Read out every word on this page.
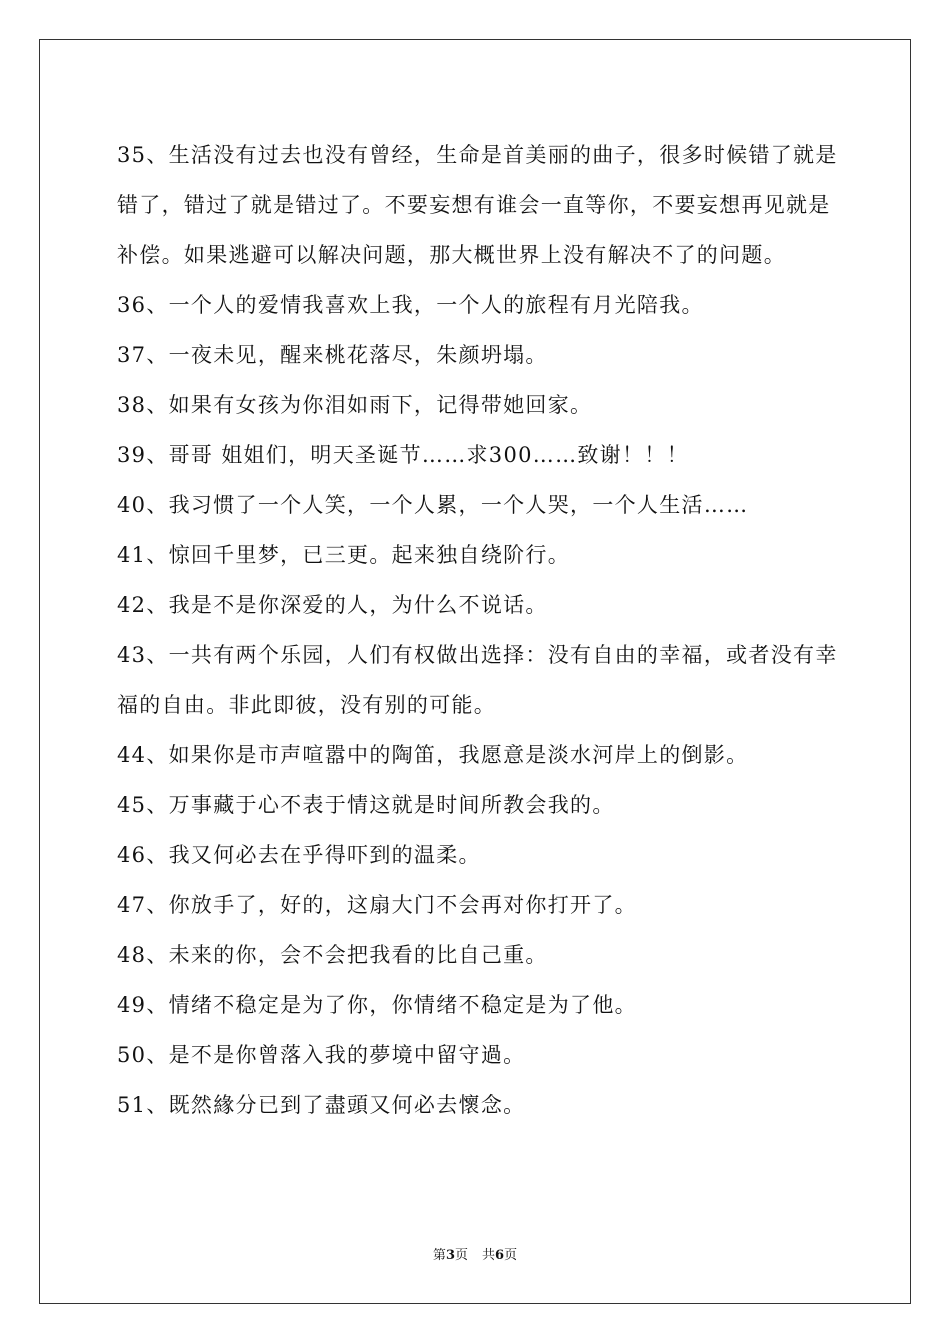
35、生活没有过去也没有曾经，生命是首美丽的曲子，很多时候错了就是错了，错过了就是错过了。不要妄想有谁会一直等你，不要妄想再见就是补偿。如果逃避可以解决问题，那大概世界上没有解决不了的问题。

36、一个人的爱情我喜欢上我，一个人的旅程有月光陪我。

37、一夜未见，醒来桃花落尽，朱颜坍塌。

38、如果有女孩为你泪如雨下，记得带她回家。

39、哥哥 姐姐们，明天圣诞节……求300……致谢！！！

40、我习惯了一个人笑，一个人累，一个人哭，一个人生活……

41、惊回千里梦，已三更。起来独自绕阶行。

42、我是不是你深爱的人，为什么不说话。

43、一共有两个乐园，人们有权做出选择：没有自由的幸福，或者没有幸福的自由。非此即彼，没有别的可能。

44、如果你是市声喧嚣中的陶笛，我愿意是淡水河岸上的倒影。

45、万事藏于心不表于情这就是时间所教会我的。

46、我又何必去在乎得吓到的温柔。

47、你放手了，好的，这扇大门不会再对你打开了。

48、未来的你，会不会把我看的比自己重。

49、情绪不稳定是为了你，你情绪不稳定是为了他。

50、是不是你曾落入我的夢境中留守過。

51、既然緣分已到了盡頭又何必去懷念。

第3页 共6页
